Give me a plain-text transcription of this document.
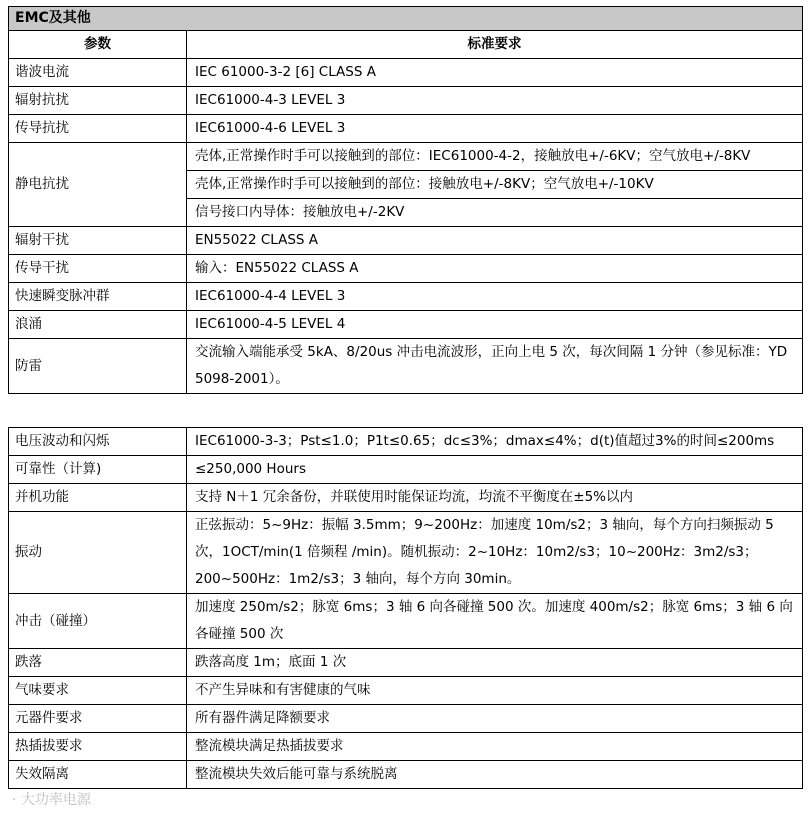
EMC及其他	
参数	标准要求
谐波电流	IEC 61000-3-2 [6] CLASS A
辐射抗扰	IEC61000-4-3 LEVEL 3
传导抗扰	IEC61000-4-6 LEVEL 3
静电抗扰	壳体,正常操作时手可以接触到的部位：IEC61000-4-2，接触放电+/-6KV；空气放电+/-8KV
	壳体,正常操作时手可以接触到的部位：接触放电+/-8KV；空气放电+/-10KV
	信号接口内导体：接触放电+/-2KV
辐射干扰	EN55022 CLASS A
传导干扰	输入：EN55022 CLASS A
快速瞬变脉冲群	IEC61000-4-4 LEVEL 3
浪涌	IEC61000-4-5 LEVEL 4
防雷	交流输入端能承受 5kA、8/20us 冲击电流波形，正向上电 5 次，每次间隔 1 分钟（参见标准：YD 5098-2001）。
电压波动和闪烁	IEC61000-3-3；Pst≤1.0；P1t≤0.65；dc≤3%；dmax≤4%；d(t)值超过3%的时间≤200ms
可靠性（计算)	≤250,000 Hours
并机功能	支持 N＋1 冗余备份，并联使用时能保证均流，均流不平衡度在±5%以内
振动	正弦振动：5~9Hz：振幅 3.5mm；9~200Hz：加速度 10m/s2；3 轴向，每个方向扫频振动 5 次，1OCT/min(1 倍频程 /min)。随机振动：2~10Hz：10m2/s3；10~200Hz：3m2/s3；200~500Hz：1m2/s3；3 轴向，每个方向 30min。
冲击（碰撞）	加速度 250m/s2；脉宽 6ms；3 轴 6 向各碰撞 500 次。加速度 400m/s2；脉宽 6ms；3 轴 6 向各碰撞 500 次
跌落	跌落高度 1m；底面 1 次
气味要求	不产生异味和有害健康的气味
元器件要求	所有器件满足降额要求
热插拔要求	整流模块满足热插拔要求
失效隔离	整流模块失效后能可靠与系统脱离
· 大功率电源
